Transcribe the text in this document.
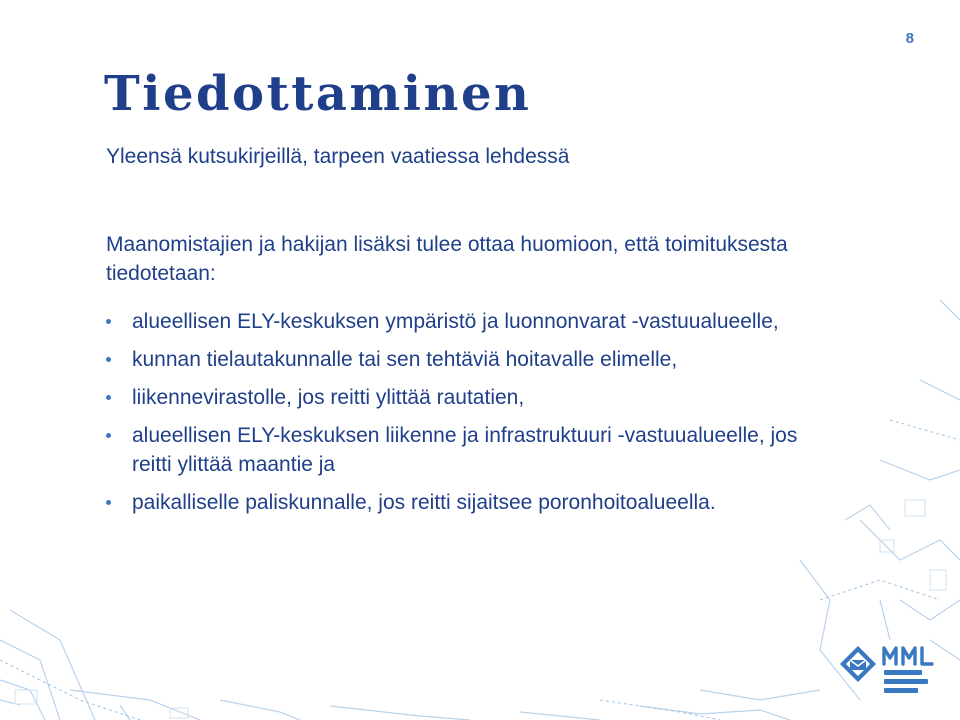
8
Tiedottaminen
Yleensä kutsukirjeillä, tarpeen vaatiessa lehdessä
Maanomistajien ja hakijan lisäksi tulee ottaa huomioon, että toimituksesta tiedotetaan:
alueellisen ELY-keskuksen ympäristö ja luonnonvarat -vastuualueelle,
kunnan tielautakunnalle tai sen tehtäviä hoitavalle elimelle,
liikennevirastolle, jos reitti ylittää rautatien,
alueellisen ELY-keskuksen liikenne ja infrastruktuuri -vastuualueelle, jos reitti ylittää maantie ja
paikalliselle paliskunnalle, jos reitti sijaitsee poronhoitoalueella.
